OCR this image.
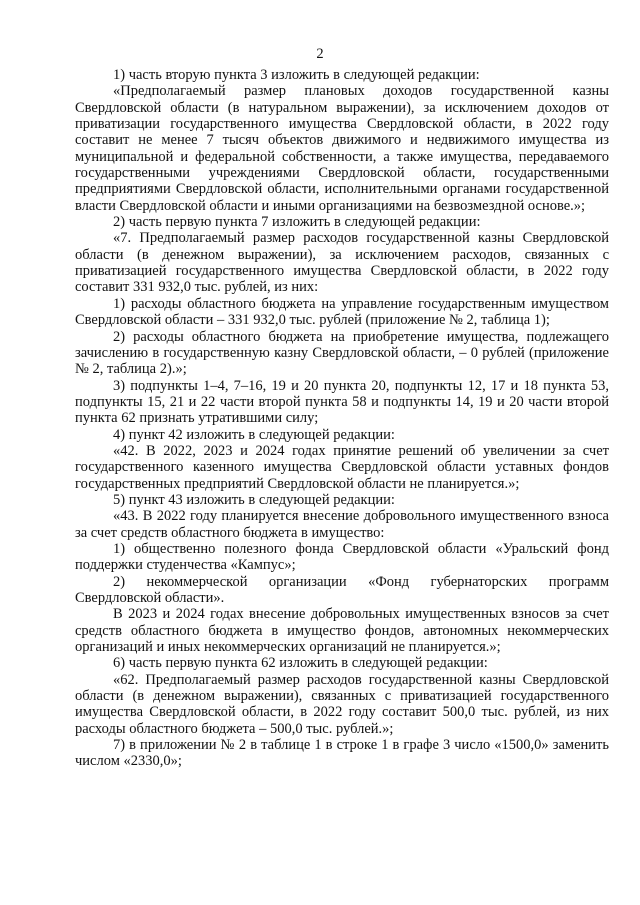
2

1) часть вторую пункта 3 изложить в следующей редакции:

«Предполагаемый размер плановых доходов государственной казны Свердловской области (в натуральном выражении), за исключением доходов от приватизации государственного имущества Свердловской области, в 2022 году составит не менее 7 тысяч объектов движимого и недвижимого имущества из муниципальной и федеральной собственности, а также имущества, передаваемого государственными учреждениями Свердловской области, государственными предприятиями Свердловской области, исполнительными органами государственной власти Свердловской области и иными организациями на безвозмездной основе.»;

2) часть первую пункта 7 изложить в следующей редакции:

«7. Предполагаемый размер расходов государственной казны Свердловской области (в денежном выражении), за исключением расходов, связанных с приватизацией государственного имущества Свердловской области, в 2022 году составит 331 932,0 тыс. рублей, из них:

1) расходы областного бюджета на управление государственным имуществом Свердловской области – 331 932,0 тыс. рублей (приложение № 2, таблица 1);

2) расходы областного бюджета на приобретение имущества, подлежащего зачислению в государственную казну Свердловской области, – 0 рублей (приложение № 2, таблица 2).»;

3) подпункты 1–4, 7–16, 19 и 20 пункта 20, подпункты 12, 17 и 18 пункта 53, подпункты 15, 21 и 22 части второй пункта 58 и подпункты 14, 19 и 20 части второй пункта 62 признать утратившими силу;

4) пункт 42 изложить в следующей редакции:

«42. В 2022, 2023 и 2024 годах принятие решений об увеличении за счет государственного казенного имущества Свердловской области уставных фондов государственных предприятий Свердловской области не планируется.»;

5) пункт 43 изложить в следующей редакции:

«43. В 2022 году планируется внесение добровольного имущественного взноса за счет средств областного бюджета в имущество:

1) общественно полезного фонда Свердловской области «Уральский фонд поддержки студенчества «Кампус»;

2) некоммерческой организации «Фонд губернаторских программ Свердловской области».

В 2023 и 2024 годах внесение добровольных имущественных взносов за счет средств областного бюджета в имущество фондов, автономных некоммерческих организаций и иных некоммерческих организаций не планируется.»;

6) часть первую пункта 62 изложить в следующей редакции:

«62. Предполагаемый размер расходов государственной казны Свердловской области (в денежном выражении), связанных с приватизацией государственного имущества Свердловской области, в 2022 году составит 500,0 тыс. рублей, из них расходы областного бюджета – 500,0 тыс. рублей.»;

7) в приложении № 2 в таблице 1 в строке 1 в графе 3 число «1500,0» заменить числом «2330,0»;
